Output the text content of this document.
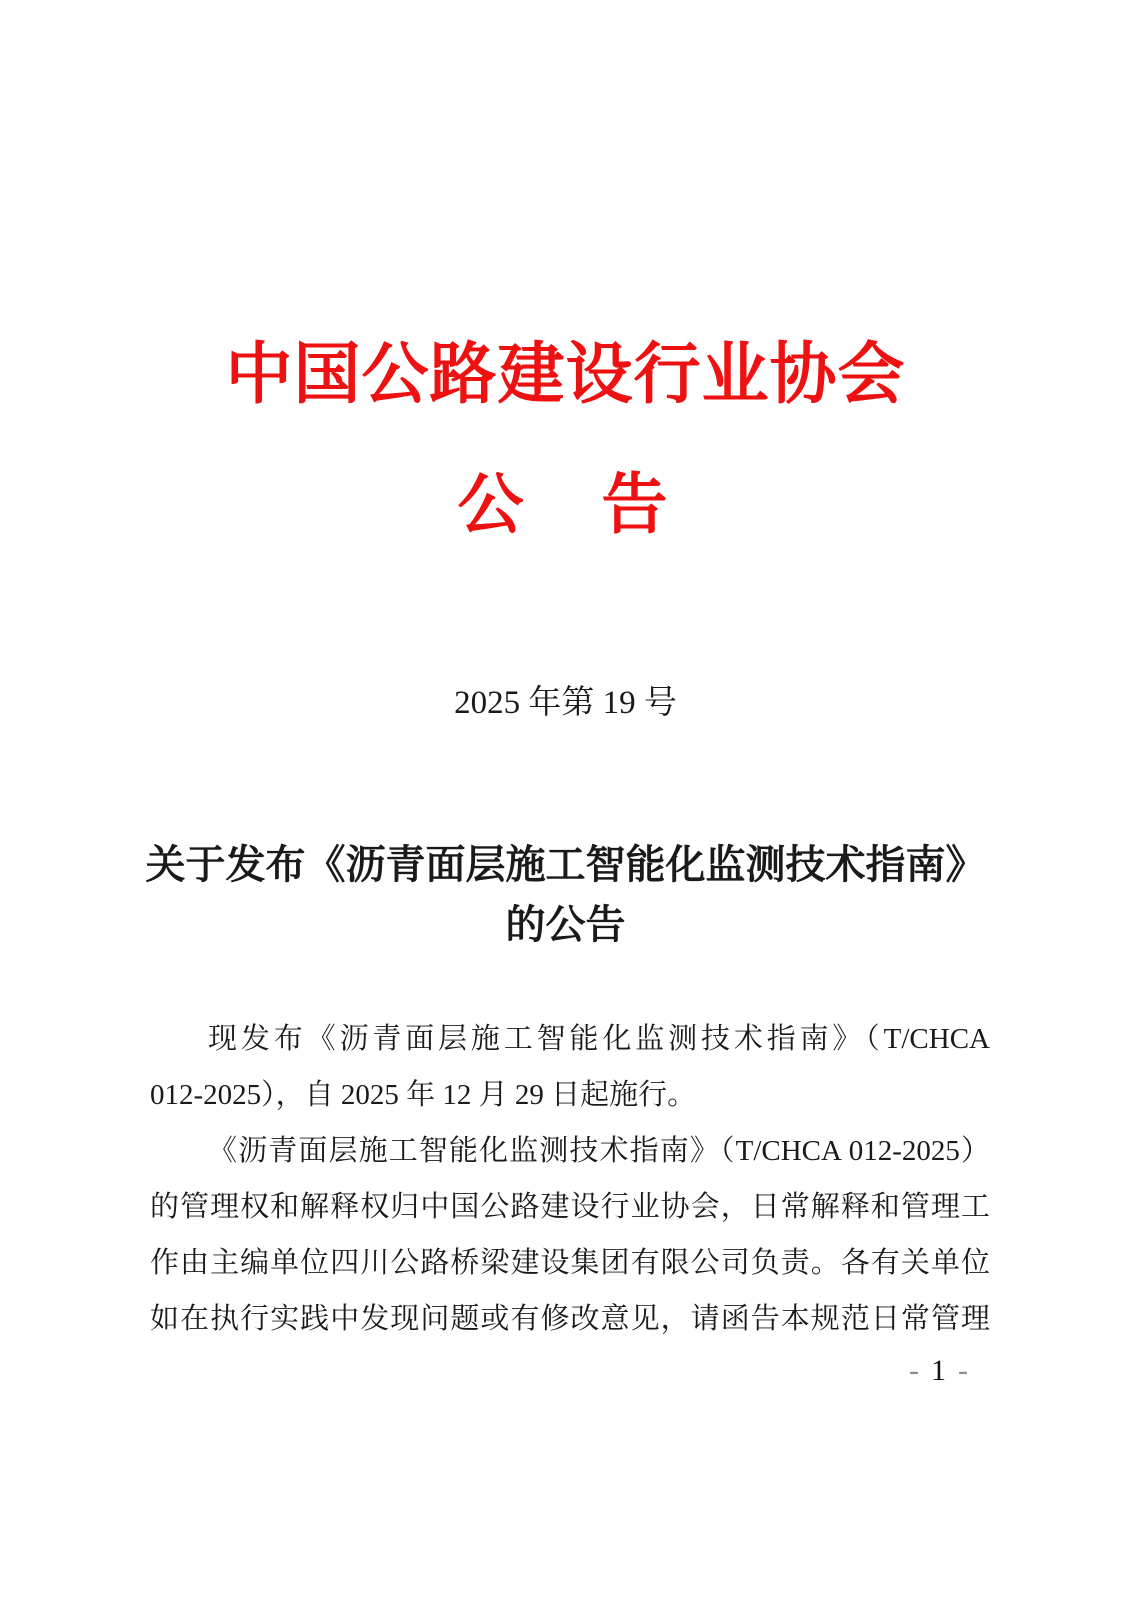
中国公路建设行业协会
公　告
2025 年第 19 号
关于发布《沥青面层施工智能化监测技术指南》
的公告
现发布《沥青面层施工智能化监测技术指南》（T/CHCA
012-2025），自 2025 年 12 月 29 日起施行。
《沥青面层施工智能化监测技术指南》（T/CHCA 012-2025）
的管理权和解释权归中国公路建设行业协会，日常解释和管理工
作由主编单位四川公路桥梁建设集团有限公司负责。各有关单位
如在执行实践中发现问题或有修改意见，请函告本规范日常管理
- 1 -
